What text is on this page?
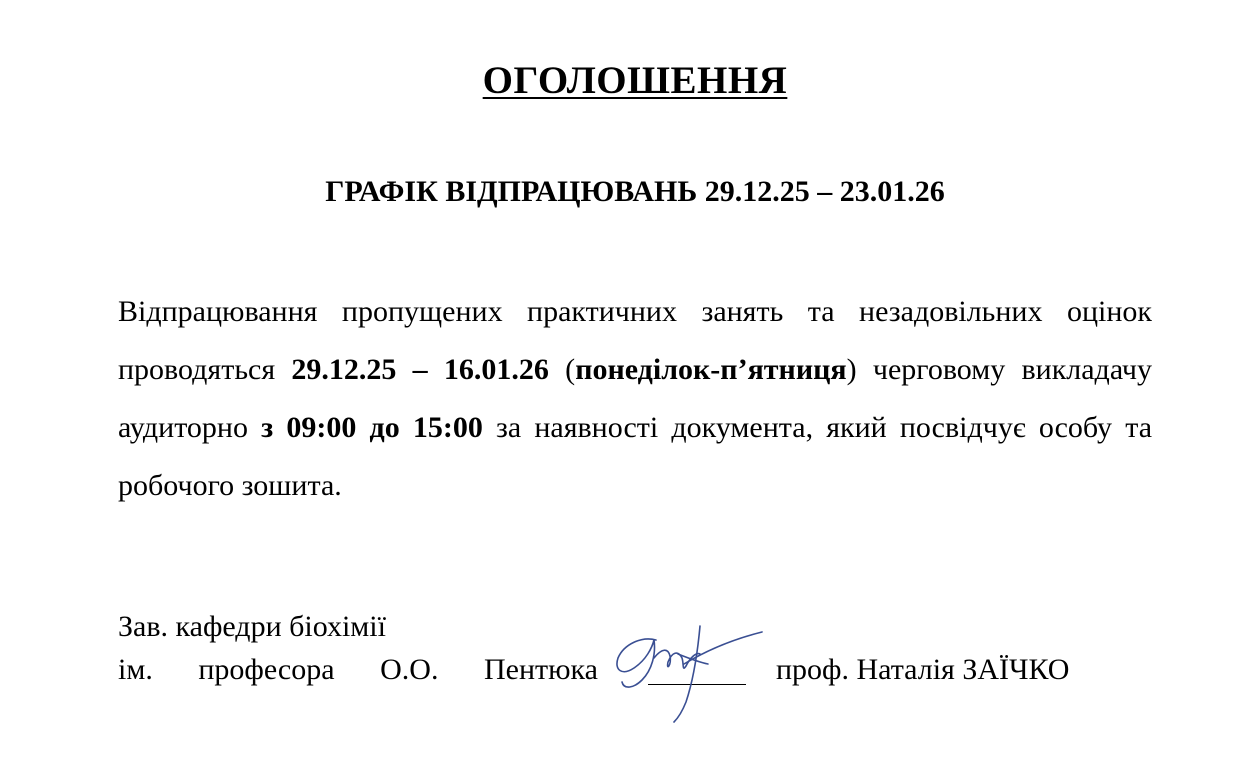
ОГОЛОШЕННЯ
ГРАФІК ВІДПРАЦЮВАНЬ 29.12.25 – 23.01.26
Відпрацювання пропущених практичних занять та незадовільних оцінок проводяться 29.12.25 – 16.01.26 (понеділок-п’ятниця) черговому викладачу аудиторно з 09:00 до 15:00 за наявності документа, який посвідчує особу та робочого зошита.
Зав. кафедри біохімії
ім. професора О.О. Пентюка	проф. Наталія ЗАЇЧКО
